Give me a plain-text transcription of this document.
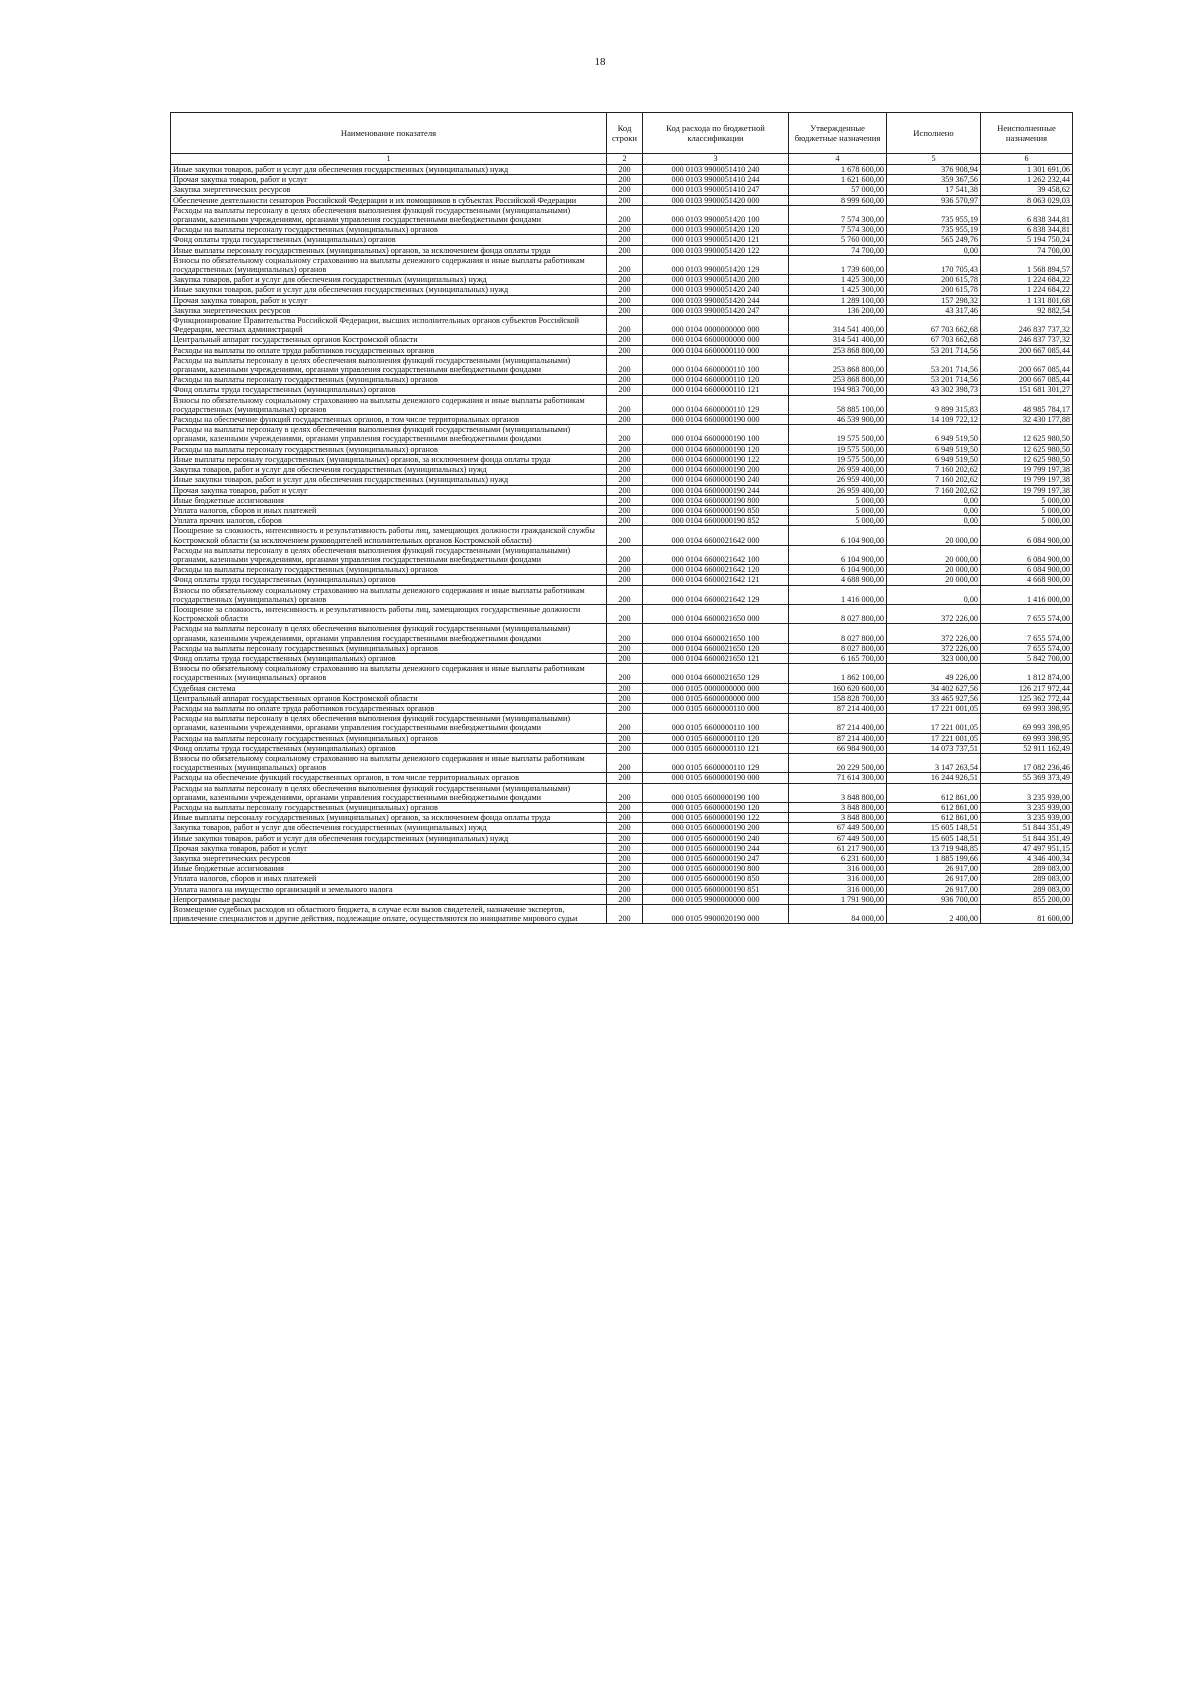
18
Наименование показателя	Код строки	Код расхода по бюджетной классификации	Утвержденные бюджетные назначения	Исполнено	Неисполненные назначения
1	2	3	4	5	6
Иные закупки товаров, работ и услуг для обеспечения государственных (муниципальных) нужд	200	000 0103 9900051410 240	1 678 600,00	376 908,94	1 301 691,06
Прочая закупка товаров, работ и услуг	200	000 0103 9900051410 244	1 621 600,00	359 367,56	1 262 232,44
Закупка энергетических ресурсов	200	000 0103 9900051410 247	57 000,00	17 541,38	39 458,62
Обеспечение деятельности сенаторов Российской Федерации и их помощников в субъектах Российской Федерации	200	000 0103 9900051420 000	8 999 600,00	936 570,97	8 063 029,03
Расходы на выплаты персоналу в целях обеспечения выполнения функций государственными (муниципальными) органами, казенными учреждениями, органами управления государственными внебюджетными фондами	200	000 0103 9900051420 100	7 574 300,00	735 955,19	6 838 344,81
Расходы на выплаты персоналу государственных (муниципальных) органов	200	000 0103 9900051420 120	7 574 300,00	735 955,19	6 838 344,81
Фонд оплаты труда государственных (муниципальных) органов	200	000 0103 9900051420 121	5 760 000,00	565 249,76	5 194 750,24
Иные выплаты персоналу государственных (муниципальных) органов, за исключением фонда оплаты труда	200	000 0103 9900051420 122	74 700,00	0,00	74 700,00
Взносы по обязательному социальному страхованию на выплаты денежного содержания и иные выплаты работникам государственных (муниципальных) органов	200	000 0103 9900051420 129	1 739 600,00	170 705,43	1 568 894,57
Закупка товаров, работ и услуг для обеспечения государственных (муниципальных) нужд	200	000 0103 9900051420 200	1 425 300,00	200 615,78	1 224 684,22
Иные закупки товаров, работ и услуг для обеспечения государственных (муниципальных) нужд	200	000 0103 9900051420 240	1 425 300,00	200 615,78	1 224 684,22
Прочая закупка товаров, работ и услуг	200	000 0103 9900051420 244	1 289 100,00	157 298,32	1 131 801,68
Закупка энергетических ресурсов	200	000 0103 9900051420 247	136 200,00	43 317,46	92 882,54
Функционирование Правительства Российской Федерации, высших исполнительных органов субъектов Российской Федерации, местных администраций	200	000 0104 0000000000 000	314 541 400,00	67 703 662,68	246 837 737,32
Центральный аппарат государственных органов Костромской области	200	000 0104 6600000000 000	314 541 400,00	67 703 662,68	246 837 737,32
Расходы на выплаты по оплате труда работников государственных органов	200	000 0104 6600000110 000	253 868 800,00	53 201 714,56	200 667 085,44
Расходы на выплаты персоналу в целях обеспечения выполнения функций государственными (муниципальными) органами, казенными учреждениями, органами управления государственными внебюджетными фондами	200	000 0104 6600000110 100	253 868 800,00	53 201 714,56	200 667 085,44
Расходы на выплаты персоналу государственных (муниципальных) органов	200	000 0104 6600000110 120	253 868 800,00	53 201 714,56	200 667 085,44
Фонд оплаты труда государственных (муниципальных) органов	200	000 0104 6600000110 121	194 983 700,00	43 302 398,73	151 681 301,27
Взносы по обязательному социальному страхованию на выплаты денежного содержания и иные выплаты работникам государственных (муниципальных) органов	200	000 0104 6600000110 129	58 885 100,00	9 899 315,83	48 985 784,17
Расходы на обеспечение функций государственных органов, в том числе территориальных органов	200	000 0104 6600000190 000	46 539 900,00	14 109 722,12	32 430 177,88
Расходы на выплаты персоналу в целях обеспечения выполнения функций государственными (муниципальными) органами, казенными учреждениями, органами управления государственными внебюджетными фондами	200	000 0104 6600000190 100	19 575 500,00	6 949 519,50	12 625 980,50
Расходы на выплаты персоналу государственных (муниципальных) органов	200	000 0104 6600000190 120	19 575 500,00	6 949 519,50	12 625 980,50
Иные выплаты персоналу государственных (муниципальных) органов, за исключением фонда оплаты труда	200	000 0104 6600000190 122	19 575 500,00	6 949 519,50	12 625 980,50
Закупка товаров, работ и услуг для обеспечения государственных (муниципальных) нужд	200	000 0104 6600000190 200	26 959 400,00	7 160 202,62	19 799 197,38
Иные закупки товаров, работ и услуг для обеспечения государственных (муниципальных) нужд	200	000 0104 6600000190 240	26 959 400,00	7 160 202,62	19 799 197,38
Прочая закупка товаров, работ и услуг	200	000 0104 6600000190 244	26 959 400,00	7 160 202,62	19 799 197,38
Иные бюджетные ассигнования	200	000 0104 6600000190 800	5 000,00	0,00	5 000,00
Уплата налогов, сборов и иных платежей	200	000 0104 6600000190 850	5 000,00	0,00	5 000,00
Уплата прочих налогов, сборов	200	000 0104 6600000190 852	5 000,00	0,00	5 000,00
Поощрение за сложность, интенсивность и результативность работы лиц, замещающих должности гражданской службы Костромской области (за исключением руководителей исполнительных органов Костромской области)	200	000 0104 6600021642 000	6 104 900,00	20 000,00	6 084 900,00
Расходы на выплаты персоналу в целях обеспечения выполнения функций государственными (муниципальными) органами, казенными учреждениями, органами управления государственными внебюджетными фондами	200	000 0104 6600021642 100	6 104 900,00	20 000,00	6 084 900,00
Расходы на выплаты персоналу государственных (муниципальных) органов	200	000 0104 6600021642 120	6 104 900,00	20 000,00	6 084 900,00
Фонд оплаты труда государственных (муниципальных) органов	200	000 0104 6600021642 121	4 688 900,00	20 000,00	4 668 900,00
Взносы по обязательному социальному страхованию на выплаты денежного содержания и иные выплаты работникам государственных (муниципальных) органов	200	000 0104 6600021642 129	1 416 000,00	0,00	1 416 000,00
Поощрение за сложность, интенсивность и результативность работы лиц, замещающих государственные должности Костромской области	200	000 0104 6600021650 000	8 027 800,00	372 226,00	7 655 574,00
Расходы на выплаты персоналу в целях обеспечения выполнения функций государственными (муниципальными) органами, казенными учреждениями, органами управления государственными внебюджетными фондами	200	000 0104 6600021650 100	8 027 800,00	372 226,00	7 655 574,00
Расходы на выплаты персоналу государственных (муниципальных) органов	200	000 0104 6600021650 120	8 027 800,00	372 226,00	7 655 574,00
Фонд оплаты труда государственных (муниципальных) органов	200	000 0104 6600021650 121	6 165 700,00	323 000,00	5 842 700,00
Взносы по обязательному социальному страхованию на выплаты денежного содержания и иные выплаты работникам государственных (муниципальных) органов	200	000 0104 6600021650 129	1 862 100,00	49 226,00	1 812 874,00
Судебная система	200	000 0105 0000000000 000	160 620 600,00	34 402 627,56	126 217 972,44
Центральный аппарат государственных органов Костромской области	200	000 0105 6600000000 000	158 828 700,00	33 465 927,56	125 362 772,44
Расходы на выплаты по оплате труда работников государственных органов	200	000 0105 6600000110 000	87 214 400,00	17 221 001,05	69 993 398,95
Расходы на выплаты персоналу в целях обеспечения выполнения функций государственными (муниципальными) органами, казенными учреждениями, органами управления государственными внебюджетными фондами	200	000 0105 6600000110 100	87 214 400,00	17 221 001,05	69 993 398,95
Расходы на выплаты персоналу государственных (муниципальных) органов	200	000 0105 6600000110 120	87 214 400,00	17 221 001,05	69 993 398,95
Фонд оплаты труда государственных (муниципальных) органов	200	000 0105 6600000110 121	66 984 900,00	14 073 737,51	52 911 162,49
Взносы по обязательному социальному страхованию на выплаты денежного содержания и иные выплаты работникам государственных (муниципальных) органов	200	000 0105 6600000110 129	20 229 500,00	3 147 263,54	17 082 236,46
Расходы на обеспечение функций государственных органов, в том числе территориальных органов	200	000 0105 6600000190 000	71 614 300,00	16 244 926,51	55 369 373,49
Расходы на выплаты персоналу в целях обеспечения выполнения функций государственными (муниципальными) органами, казенными учреждениями, органами управления государственными внебюджетными фондами	200	000 0105 6600000190 100	3 848 800,00	612 861,00	3 235 939,00
Расходы на выплаты персоналу государственных (муниципальных) органов	200	000 0105 6600000190 120	3 848 800,00	612 861,00	3 235 939,00
Иные выплаты персоналу государственных (муниципальных) органов, за исключением фонда оплаты труда	200	000 0105 6600000190 122	3 848 800,00	612 861,00	3 235 939,00
Закупка товаров, работ и услуг для обеспечения государственных (муниципальных) нужд	200	000 0105 6600000190 200	67 449 500,00	15 605 148,51	51 844 351,49
Иные закупки товаров, работ и услуг для обеспечения государственных (муниципальных) нужд	200	000 0105 6600000190 240	67 449 500,00	15 605 148,51	51 844 351,49
Прочая закупка товаров, работ и услуг	200	000 0105 6600000190 244	61 217 900,00	13 719 948,85	47 497 951,15
Закупка энергетических ресурсов	200	000 0105 6600000190 247	6 231 600,00	1 885 199,66	4 346 400,34
Иные бюджетные ассигнования	200	000 0105 6600000190 800	316 000,00	26 917,00	289 083,00
Уплата налогов, сборов и иных платежей	200	000 0105 6600000190 850	316 000,00	26 917,00	289 083,00
Уплата налога на имущество организаций и земельного налога	200	000 0105 6600000190 851	316 000,00	26 917,00	289 083,00
Непрограммные расходы	200	000 0105 9900000000 000	1 791 900,00	936 700,00	855 200,00
Возмещение судебных расходов из областного бюджета, в случае если вызов свидетелей, назначение экспертов, привлечение специалистов и другие действия, подлежащие оплате, осуществляются по инициативе мирового судьи	200	000 0105 9900020190 000	84 000,00	2 400,00	81 600,00
